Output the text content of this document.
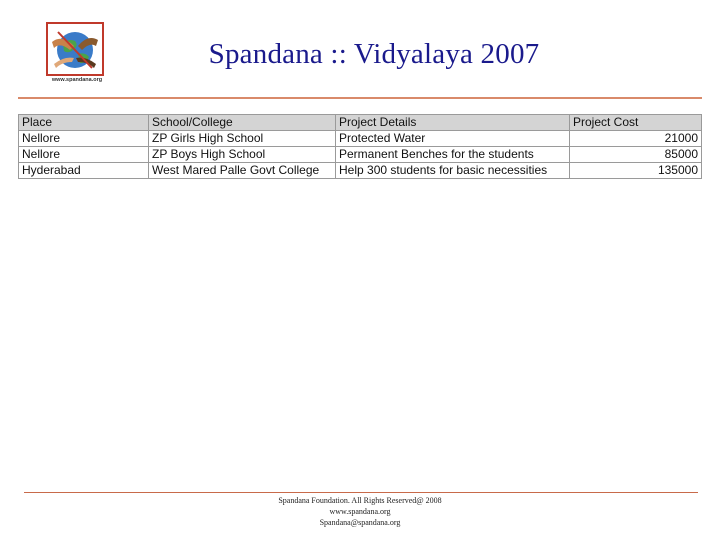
www.spandana.org
Spandana :: Vidyalaya 2007
Place	School/College	Project Details	Project Cost
Nellore	ZP Girls High School	Protected Water	21000
Nellore	ZP Boys High School	Permanent Benches for the students	85000
Hyderabad	West Mared Palle Govt College	Help 300 students for basic necessities	135000
Spandana Foundation. All Rights Reserved@ 2008
www.spandana.org
Spandana@spandana.org
